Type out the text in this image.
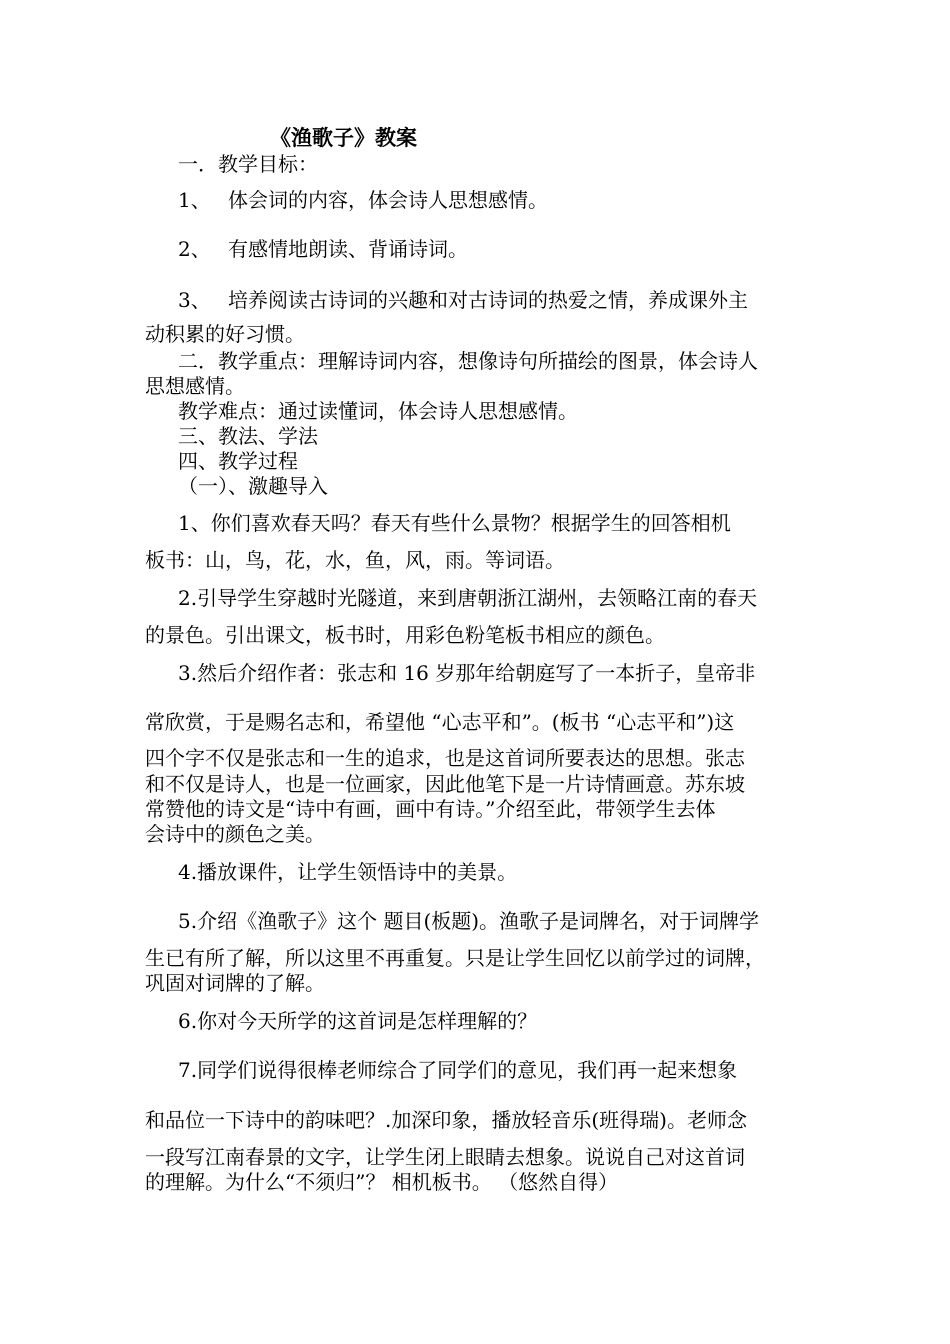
《渔歌子》教案
一．教学目标：
1、 体会词的内容，体会诗人思想感情。
2、 有感情地朗读、背诵诗词。
3、 培养阅读古诗词的兴趣和对古诗词的热爱之情，养成课外主
动积累的好习惯。
二．教学重点：理解诗词内容，想像诗句所描绘的图景，体会诗人
思想感情。
教学难点：通过读懂词，体会诗人思想感情。
三、教法、学法
四、教学过程
（一）、激趣导入
1、你们喜欢春天吗？春天有些什么景物？根据学生的回答相机
板书：山，鸟，花，水，鱼，风，雨。等词语。
2.引导学生穿越时光隧道，来到唐朝浙江湖州，去领略江南的春天
的景色。引出课文，板书时，用彩色粉笔板书相应的颜色。
3.然后介绍作者：张志和 16 岁那年给朝庭写了一本折子，皇帝非
常欣赏，于是赐名志和，希望他 “心志平和”。(板书 “心志平和”)这
四个字不仅是张志和一生的追求，也是这首词所要表达的思想。张志
和不仅是诗人，也是一位画家，因此他笔下是一片诗情画意。苏东坡
常赞他的诗文是“诗中有画，画中有诗。”介绍至此，带领学生去体
会诗中的颜色之美。
4.播放课件，让学生领悟诗中的美景。
5.介绍《渔歌子》这个 题目(板题)。渔歌子是词牌名，对于词牌学
生已有所了解，所以这里不再重复。只是让学生回忆以前学过的词牌，
巩固对词牌的了解。
6.你对今天所学的这首词是怎样理解的？
7.同学们说得很棒老师综合了同学们的意见，我们再一起来想象
和品位一下诗中的韵味吧？.加深印象，播放轻音乐(班得瑞)。老师念
一段写江南春景的文字，让学生闭上眼睛去想象。说说自己对这首词
的理解。为什么“不须归”？ 相机板书。 （悠然自得）
